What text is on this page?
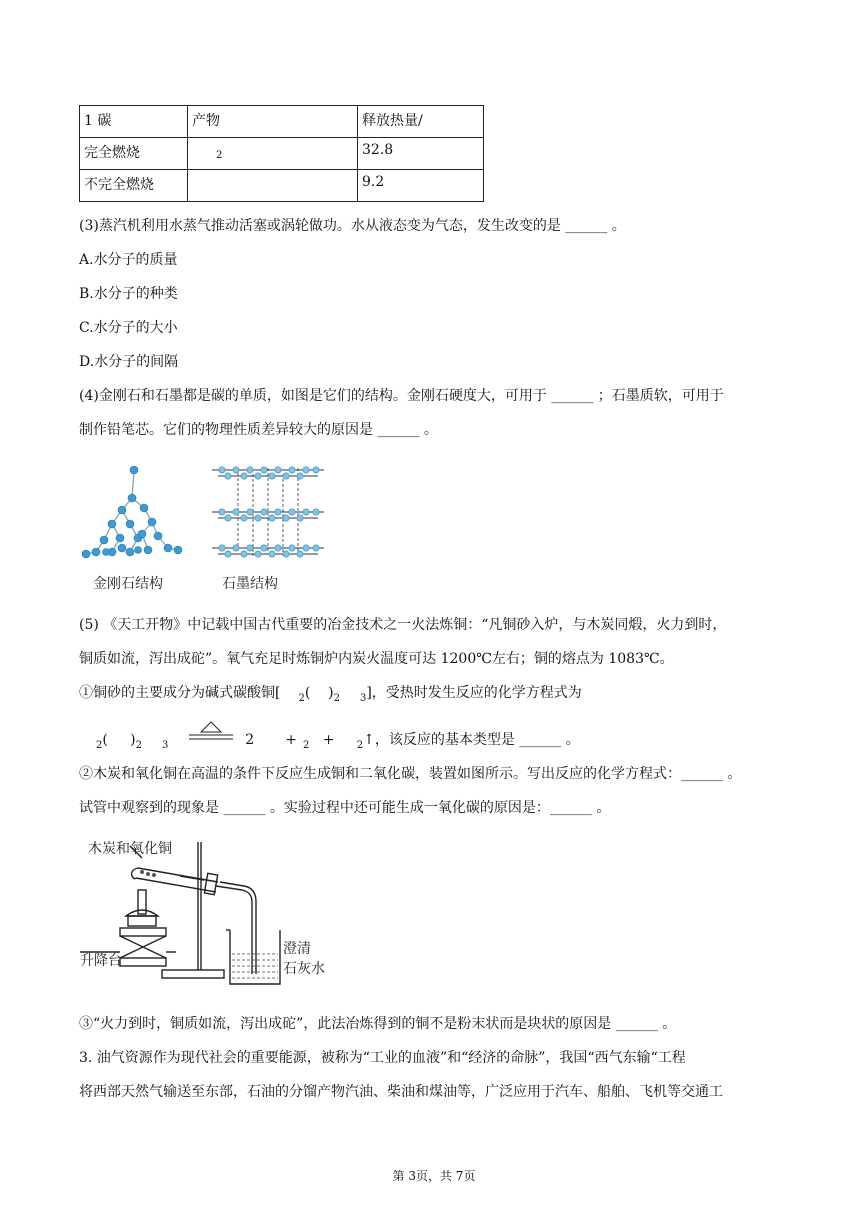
1 碳	产物	释放热量/
完全燃烧	$_2$	32.8
不完全燃烧		9.2
(3)蒸汽机利用水蒸气推动活塞或涡轮做功。水从液态变为气态，发生改变的是 ______ 。
A.水分子的质量
B.水分子的种类
C.水分子的大小
D.水分子的间隔
(4)金刚石和石墨都是碳的单质，如图是它们的结构。金刚石硬度大，可用于 ______ ；石墨质软，可用于
制作铅笔芯。它们的物理性质差异较大的原因是 ______ 。
金刚石结构	石墨结构
(5) 《天工开物》中记载中国古代重要的冶金技术之一火法炼铜：“凡铜砂入炉，与木炭同煅，火力到时，
铜质如流，泻出成砣”。氧气充足时炼铜炉内炭火温度可达 1200℃左右；铜的熔点为 1083℃。
①铜砂的主要成分为碱式碳酸铜[ $_2$(    )$_2$ $_3$]，受热时发生反应的化学方程式为
$_2$(     )$_2$ $_3$	2       + $_2$   +     $_2$↑，该反应的基本类型是 ______ 。
②木炭和氧化铜在高温的条件下反应生成铜和二氧化碳，装置如图所示。写出反应的化学方程式：______ 。
试管中观察到的现象是 ______ 。实验过程中还可能生成一氧化碳的原因是：______ 。
木炭和氧化铜
升降台
澄清
石灰水
③“火力到时，铜质如流，泻出成砣”，此法冶炼得到的铜不是粉末状而是块状的原因是 ______ 。
3. 油气资源作为现代社会的重要能源，被称为“工业的血液”和“经济的命脉”，我国“西气东输“工程
将西部天然气输送至东部，石油的分馏产物汽油、柴油和煤油等，广泛应用于汽车、船舶、飞机等交通工
第 3页，共 7页
